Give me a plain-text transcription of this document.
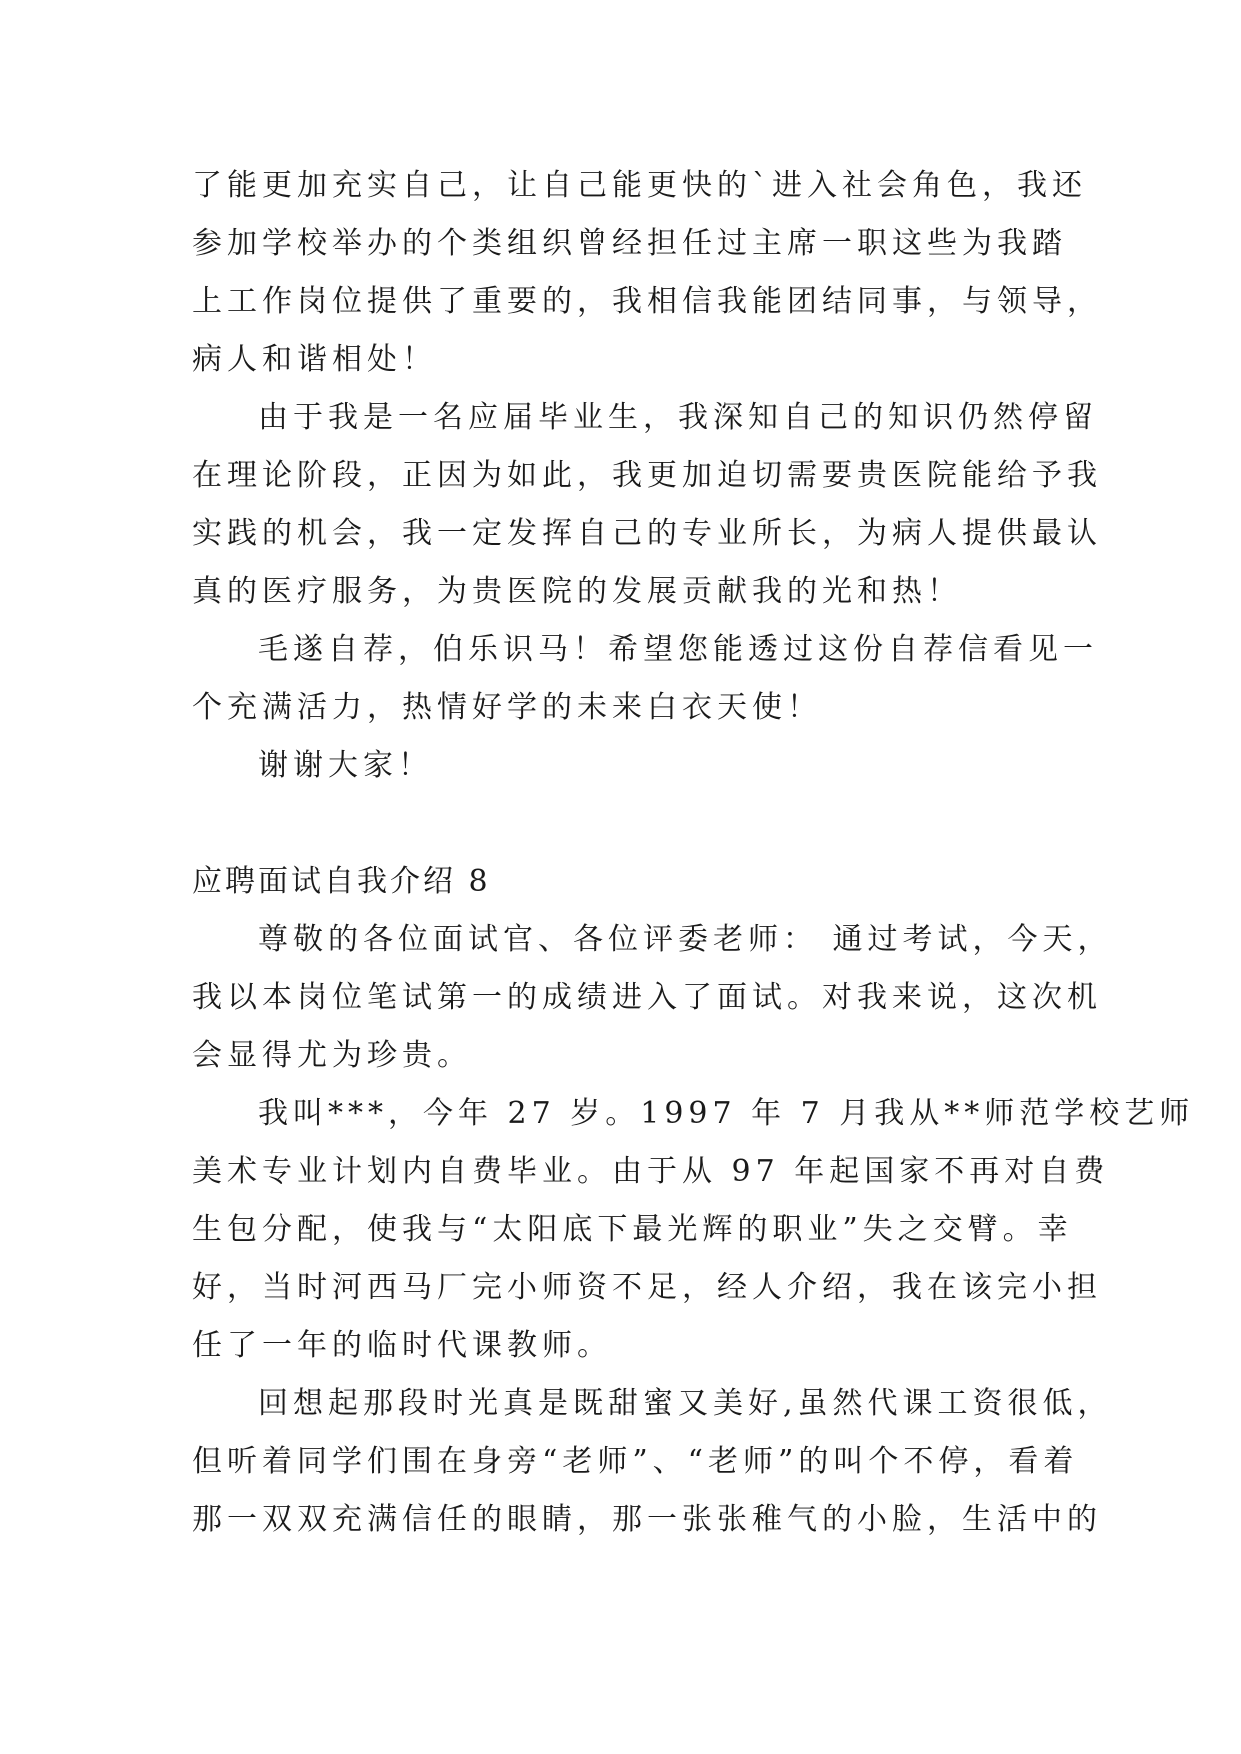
了能更加充实自己，让自己能更快的`进入社会角色，我还
参加学校举办的个类组织曾经担任过主席一职这些为我踏
上工作岗位提供了重要的，我相信我能团结同事，与领导，
病人和谐相处！
由于我是一名应届毕业生，我深知自己的知识仍然停留
在理论阶段，正因为如此，我更加迫切需要贵医院能给予我
实践的机会，我一定发挥自己的专业所长，为病人提供最认
真的医疗服务，为贵医院的发展贡献我的光和热！
毛遂自荐，伯乐识马！希望您能透过这份自荐信看见一
个充满活力，热情好学的未来白衣天使！
谢谢大家！
应聘面试自我介绍 8
尊敬的各位面试官、各位评委老师： 通过考试，今天，
我以本岗位笔试第一的成绩进入了面试。对我来说，这次机
会显得尤为珍贵。
我叫***，今年 27 岁。1997 年 7 月我从**师范学校艺师
美术专业计划内自费毕业。由于从 97 年起国家不再对自费
生包分配，使我与“太阳底下最光辉的职业”失之交臂。幸
好，当时河西马厂完小师资不足，经人介绍，我在该完小担
任了一年的临时代课教师。
回想起那段时光真是既甜蜜又美好,虽然代课工资很低，
但听着同学们围在身旁“老师”、“老师”的叫个不停，看着
那一双双充满信任的眼睛，那一张张稚气的小脸，生活中的
